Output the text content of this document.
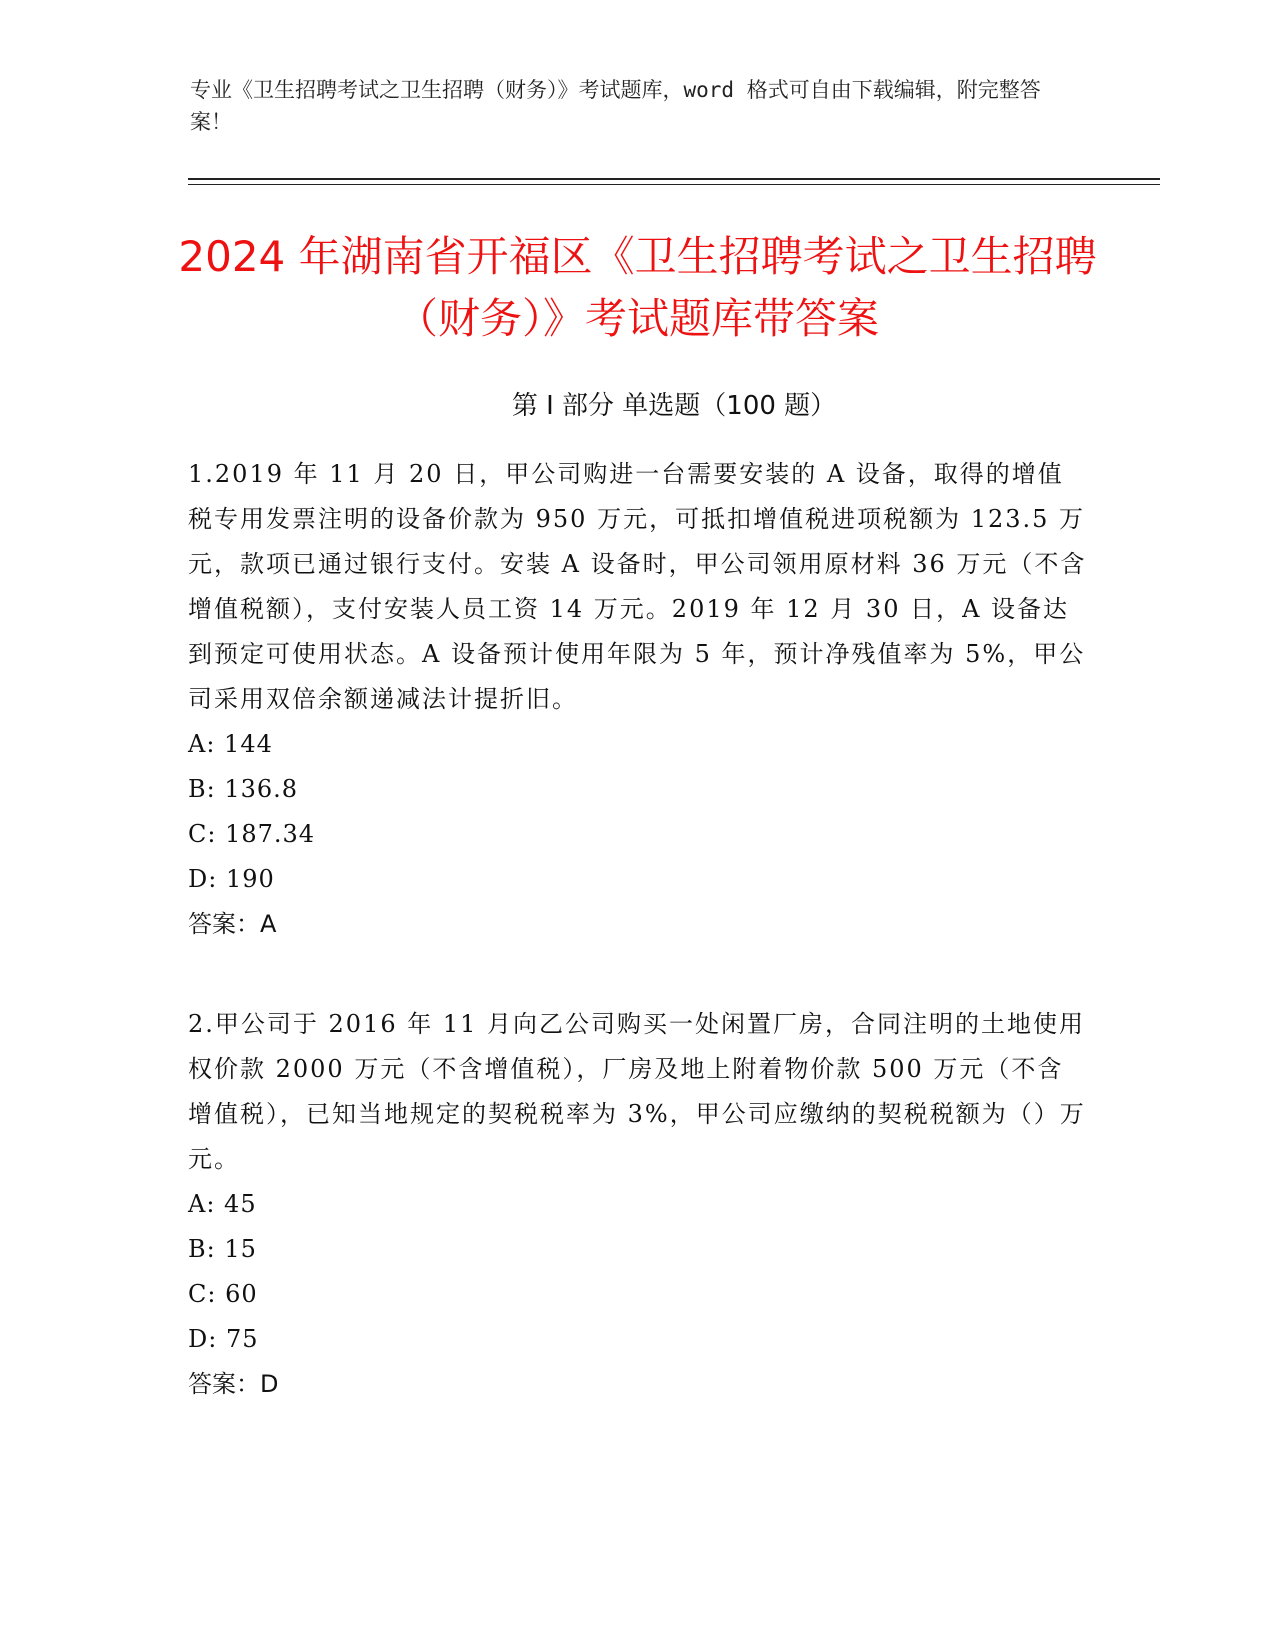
专业《卫生招聘考试之卫生招聘（财务）》考试题库，word 格式可自由下载编辑，附完整答案！
2024 年湖南省开福区《卫生招聘考试之卫生招聘（财务）》考试题库带答案
第 I 部分 单选题（100 题）
1.2019 年 11 月 20 日，甲公司购进一台需要安装的 A 设备，取得的增值税专用发票注明的设备价款为 950 万元，可抵扣增值税进项税额为 123.5 万元，款项已通过银行支付。安装 A 设备时，甲公司领用原材料 36 万元（不含增值税额），支付安装人员工资 14 万元。2019 年 12 月 30 日，A 设备达到预定可使用状态。A 设备预计使用年限为 5 年，预计净残值率为 5%，甲公司采用双倍余额递减法计提折旧。
A: 144
B: 136.8
C: 187.34
D: 190
答案：A
2.甲公司于 2016 年 11 月向乙公司购买一处闲置厂房，合同注明的土地使用权价款 2000 万元（不含增值税），厂房及地上附着物价款 500 万元（不含增值税），已知当地规定的契税税率为 3%，甲公司应缴纳的契税税额为（）万元。
A: 45
B: 15
C: 60
D: 75
答案：D
